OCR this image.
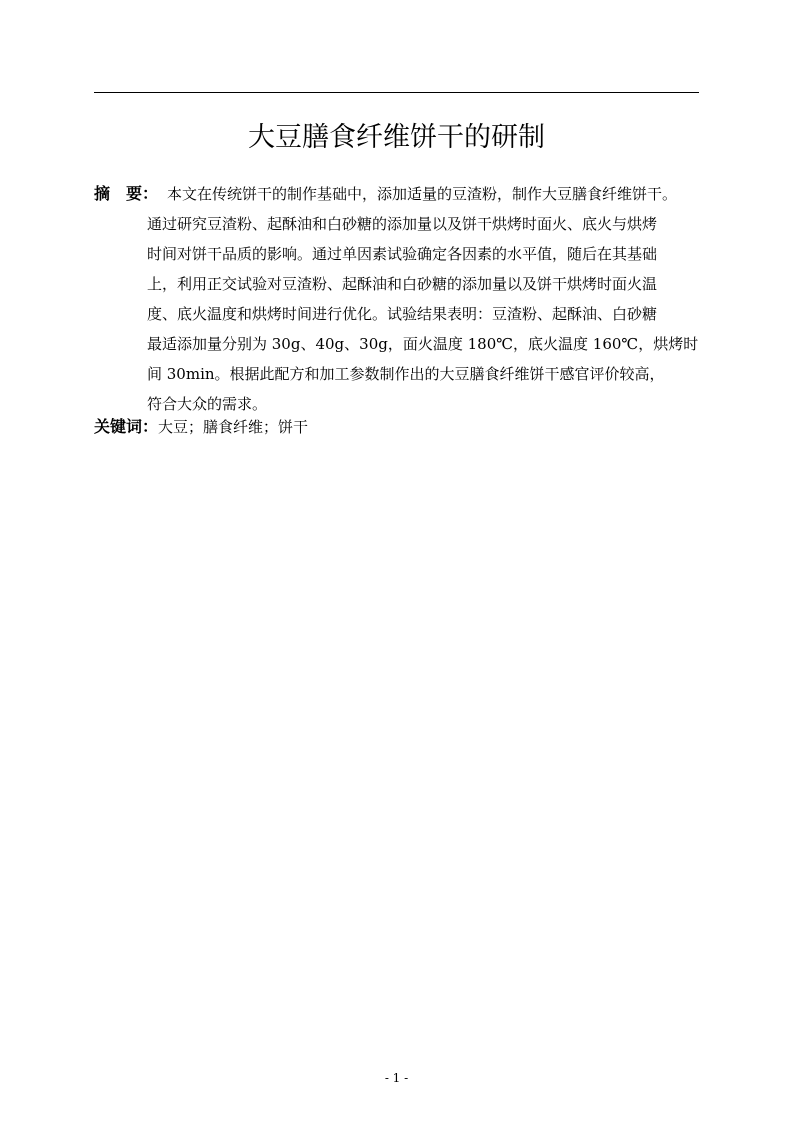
大豆膳食纤维饼干的研制
摘　要： 本文在传统饼干的制作基础中，添加适量的豆渣粉，制作大豆膳食纤维饼干。
通过研究豆渣粉、起酥油和白砂糖的添加量以及饼干烘烤时面火、底火与烘烤
时间对饼干品质的影响。通过单因素试验确定各因素的水平值，随后在其基础
上，利用正交试验对豆渣粉、起酥油和白砂糖的添加量以及饼干烘烤时面火温
度、底火温度和烘烤时间进行优化。试验结果表明：豆渣粉、起酥油、白砂糖
最适添加量分别为 30g、40g、30g，面火温度 180℃，底火温度 160℃，烘烤时
间 30min。根据此配方和加工参数制作出的大豆膳食纤维饼干感官评价较高，
符合大众的需求。

关键词：大豆；膳食纤维；饼干
- 1 -
